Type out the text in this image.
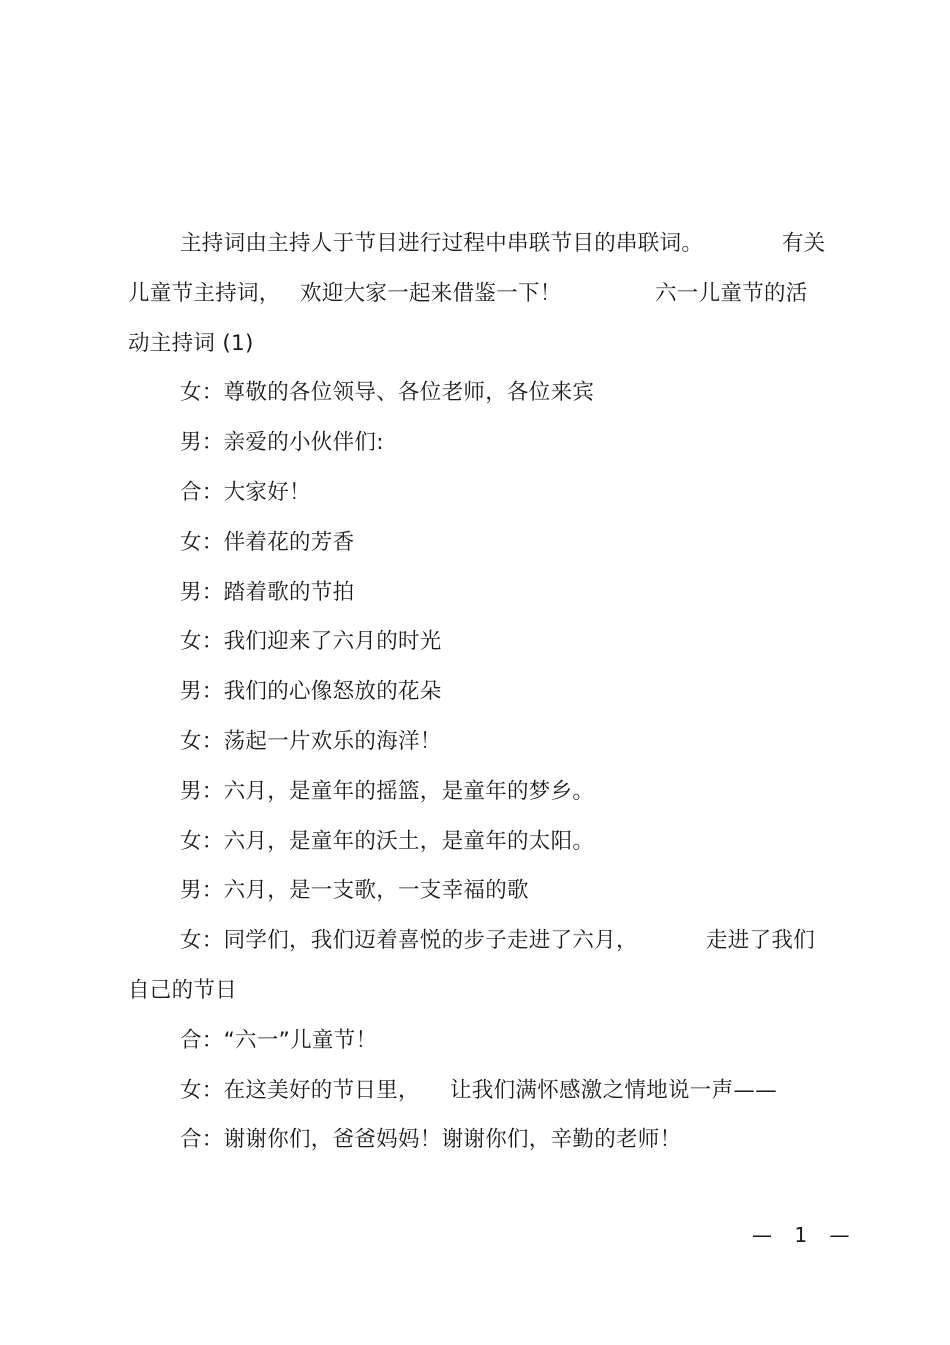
主持词由主持人于节目进行过程中串联节目的串联词。	有关
儿童节主持词， 欢迎大家一起来借鉴一下！	六一儿童节的活
动主持词 (1)
女：尊敬的各位领导、各位老师，各位来宾
男：亲爱的小伙伴们:
合：大家好！
女：伴着花的芳香
男：踏着歌的节拍
女：我们迎来了六月的时光
男：我们的心像怒放的花朵
女：荡起一片欢乐的海洋！
男：六月，是童年的摇篮，是童年的梦乡。
女：六月，是童年的沃土，是童年的太阳。
男：六月，是一支歌，一支幸福的歌
女：同学们，我们迈着喜悦的步子走进了六月，	走进了我们
自己的节日
合：“六一”儿童节！
女：在这美好的节日里， 让我们满怀感激之情地说一声——
合：谢谢你们，爸爸妈妈！谢谢你们，辛勤的老师！
— 1 —
